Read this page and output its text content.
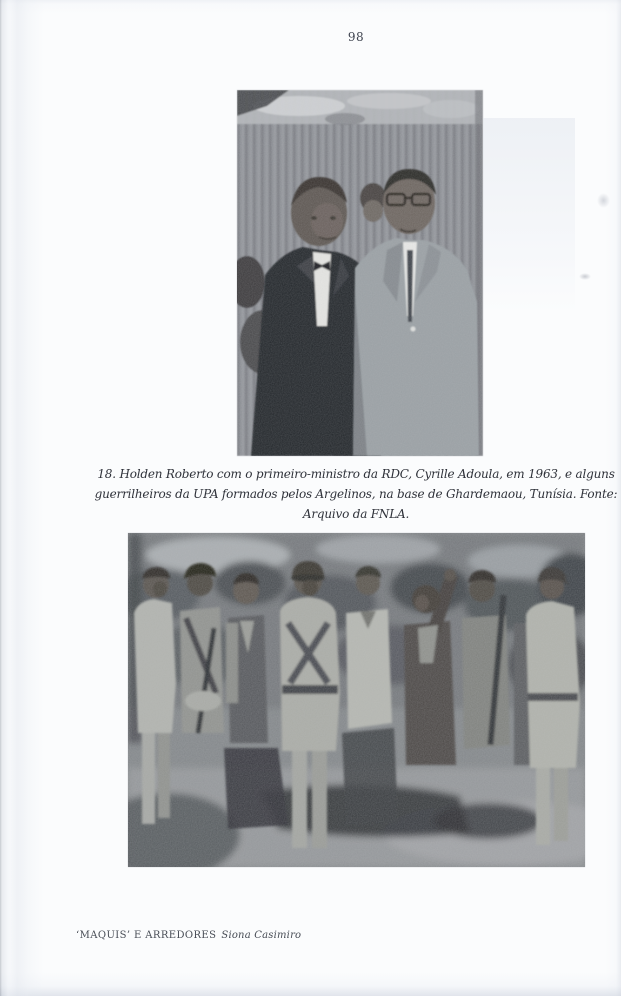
98
18. Holden Roberto com o primeiro-ministro da RDC, Cyrille Adoula, em 1963, e alguns
guerrilheiros da UPA formados pelos Argelinos, na base de Ghardemaou, Tunísia. Fonte:
Arquivo da FNLA.
‘MAQUIS’ E ARREDORES Siona Casimiro
